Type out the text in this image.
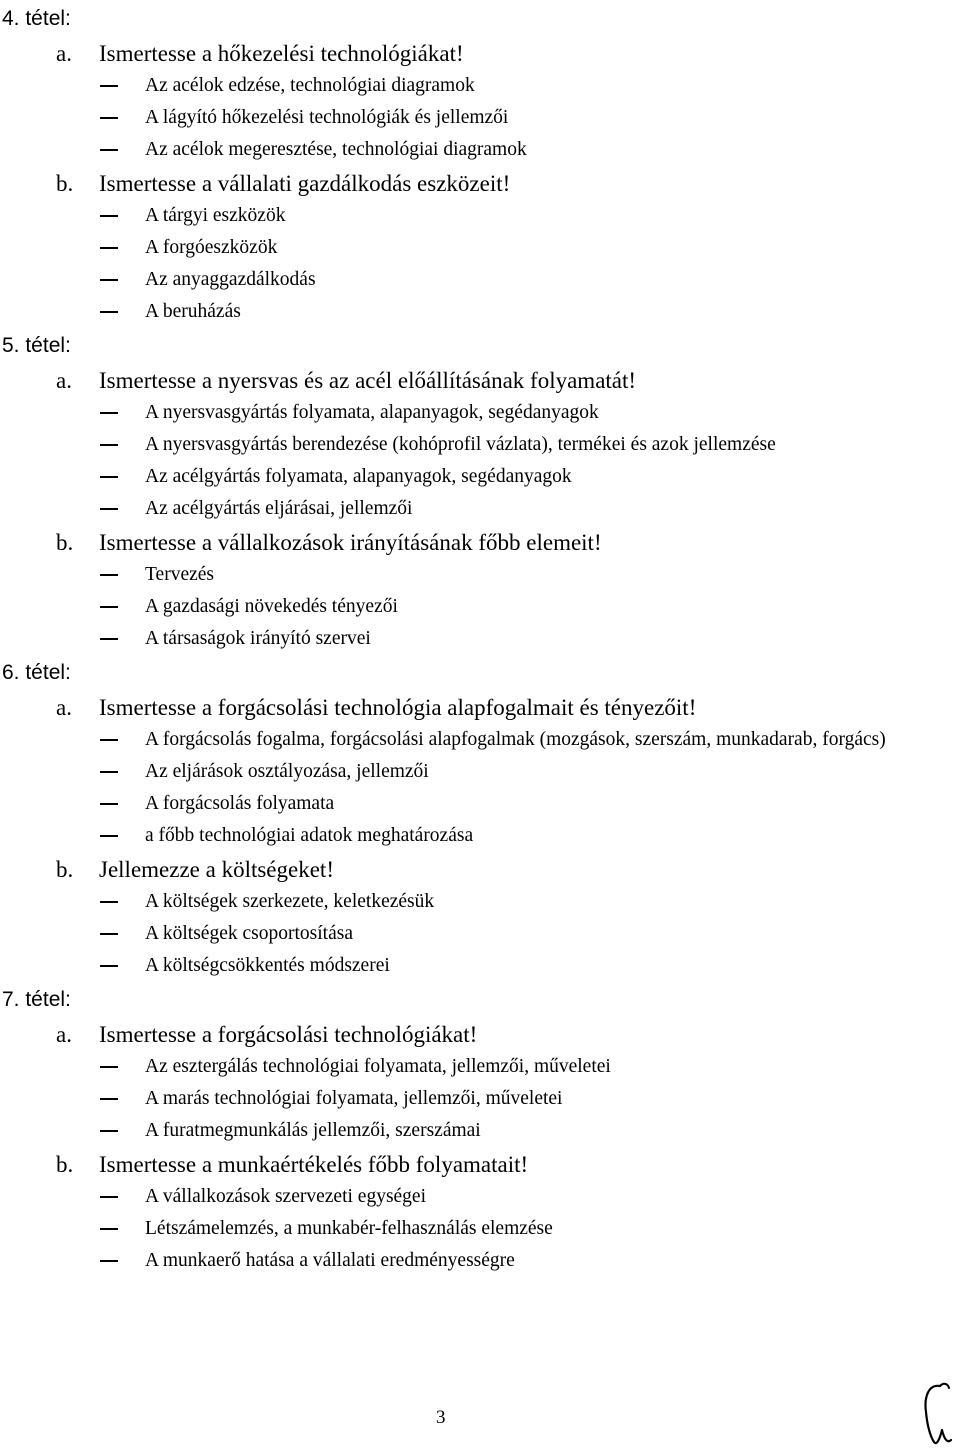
4. tétel:
a. Ismertesse a hőkezelési technológiákat!
Az acélok edzése, technológiai diagramok
A lágyító hőkezelési technológiák és jellemzői
Az acélok megeresztése, technológiai diagramok
b. Ismertesse a vállalati gazdálkodás eszközeit!
A tárgyi eszközök
A forgóeszközök
Az anyaggazdálkodás
A beruházás
5. tétel:
a. Ismertesse a nyersvas és az acél előállításának folyamatát!
A nyersvasgyártás folyamata, alapanyagok, segédanyagok
A nyersvasgyártás berendezése (kohóprofil vázlata), termékei és azok jellemzése
Az acélgyártás folyamata, alapanyagok, segédanyagok
Az acélgyártás eljárásai, jellemzői
b. Ismertesse a vállalkozások irányításának főbb elemeit!
Tervezés
A gazdasági növekedés tényezői
A társaságok irányító szervei
6. tétel:
a. Ismertesse a forgácsolási technológia alapfogalmait és tényezőit!
A forgácsolás fogalma, forgácsolási alapfogalmak (mozgások, szerszám, munkadarab, forgács)
Az eljárások osztályozása, jellemzői
A forgácsolás folyamata
a főbb technológiai adatok meghatározása
b. Jellemezze a költségeket!
A költségek szerkezete, keletkezésük
A költségek csoportosítása
A költségcsökkentés módszerei
7. tétel:
a. Ismertesse a forgácsolási technológiákat!
Az esztergálás technológiai folyamata, jellemzői, műveletei
A marás technológiai folyamata, jellemzői, műveletei
A furatmegmunkálás jellemzői, szerszámai
b. Ismertesse a munkaértékelés főbb folyamatait!
A vállalkozások szervezeti egységei
Létszámelemzés, a munkabér-felhasználás elemzése
A munkaerő hatása a vállalati eredményességre
3
